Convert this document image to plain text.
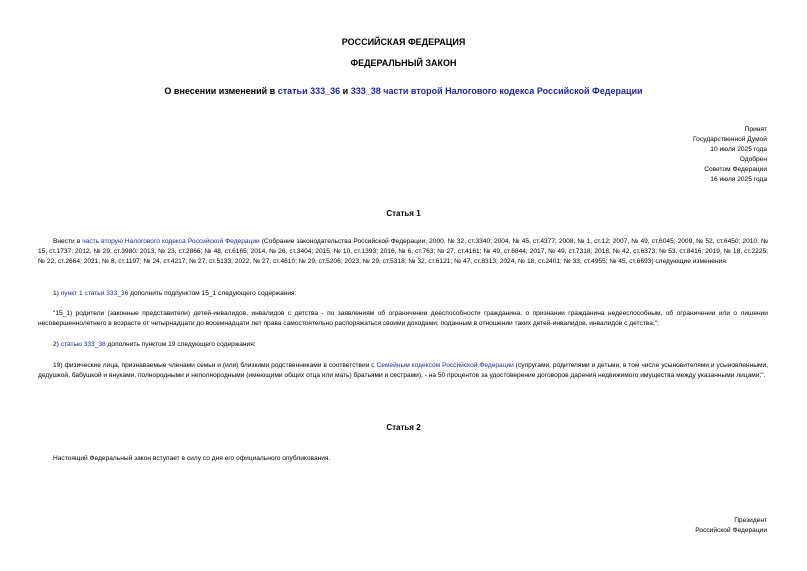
РОССИЙСКАЯ ФЕДЕРАЦИЯ
ФЕДЕРАЛЬНЫЙ ЗАКОН
О внесении изменений в статьи 333_36 и 333_38 части второй Налогового кодекса Российской Федерации
Принят
Государственной Думой
10 июля 2025 года
Одобрен
Советом Федерации
16 июля 2025 года
Статья 1
Внести в часть вторую Налогового кодекса Российской Федерации (Собрание законодательства Российской Федерации, 2000, № 32, ст.3340; 2004, № 45, ст.4377; 2008, № 1, ст.12; 2007, № 49, ст.6045; 2009, № 52, ст.6450; 2010, № 15, ст.1737; 2012, № 29, ст.3980; 2013, № 23, ст.2866; № 48, ст.6165; 2014, № 26, ст.3404; 2015, № 10, ст.1393; 2016, № 6, ст.763; № 27, ст.4161; № 49, ст.6844; 2017, № 49, ст.7318; 2018, № 42, ст.6373; № 53, ст.8416; 2019, № 18, ст.2225; № 22, ст.2664; 2021, № 8, ст.1197; № 24, ст.4217; № 27, ст.5133; 2022, № 27, ст.4610; № 29, ст.5206; 2023, № 29, ст.5318; № 32, ст.6121; № 47, ст.8313; 2024, № 18, ст.2401; № 33, ст.4955; № 45, ст.6693) следующие изменения:
1) пункт 1 статьи 333_36 дополнить подпунктом 15_1 следующего содержания:
"15_1) родители (законные представители) детей-инвалидов, инвалидов с детства - по заявлениям об ограничении дееспособности гражданина, о признании гражданина недееспособным, об ограничении или о лишении несовершеннолетнего в возрасте от четырнадцати до восемнадцати лет права самостоятельно распоряжаться своими доходами, поданным в отношении таких детей-инвалидов, инвалидов с детства;";
2) статью 333_38 дополнить пунктом 19 следующего содержания:
19) физические лица, признаваемые членами семьи и (или) близкими родственниками в соответствии с Семейным кодексом Российской Федерации (супругами, родителями и детьми, в том числе усыновителями и усыновленными, дедушкой, бабушкой и внуками, полнородными и неполнородными (имеющими общих отца или мать) братьями и сестрами), - на 50 процентов за удостоверение договоров дарения недвижимого имущества между указанными лицами;".
Статья 2
Настоящий Федеральный закон вступает в силу со дня его официального опубликования.
Президент
Российской Федерации
